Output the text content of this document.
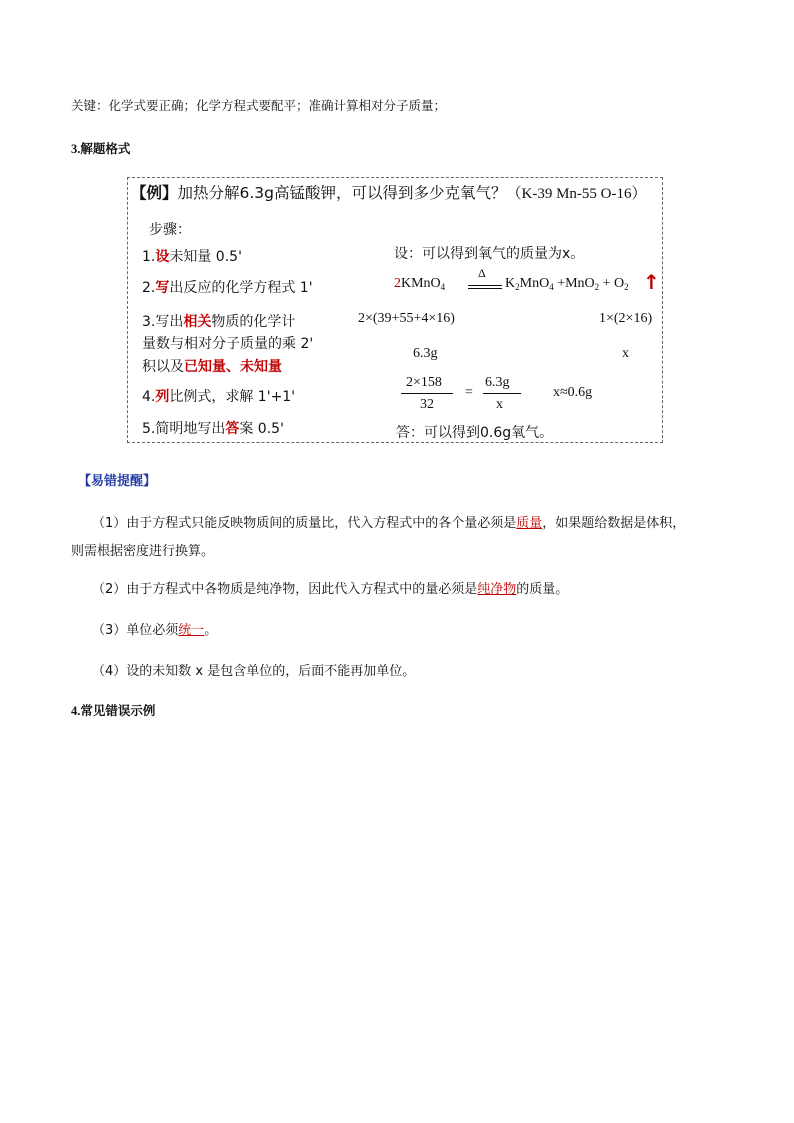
关键：化学式要正确；化学方程式要配平；准确计算相对分子质量；
3.解题格式
【例】加热分解6.3g高锰酸钾，可以得到多少克氧气？（K-39 Mn-55 O-16）
步骤：
1.设未知量 0.5'
2.写出反应的化学方程式 1'
3.写出相关物质的化学计
量数与相对分子质量的乘 2'
积以及已知量、未知量
4.列比例式，求解 1'+1'
5.简明地写出答案 0.5'
设：可以得到氧气的质量为x。
2KMnO$_4$
Δ
$K_2MnO_4 +MnO_2 + O_2$ ↑
2×(39+55+4×16)	1×(2×16)
6.3g	x
2×158
32
=
6.3g
x
x≈0.6g
答：可以得到0.6g氧气。
【易错提醒】
（1）由于方程式只能反映物质间的质量比，代入方程式中的各个量必须是质量，如果题给数据是体积，
则需根据密度进行换算。
（2）由于方程式中各物质是纯净物，因此代入方程式中的量必须是纯净物的质量。
（3）单位必须统一。
（4）设的未知数 x 是包含单位的，后面不能再加单位。
4.常见错误示例
